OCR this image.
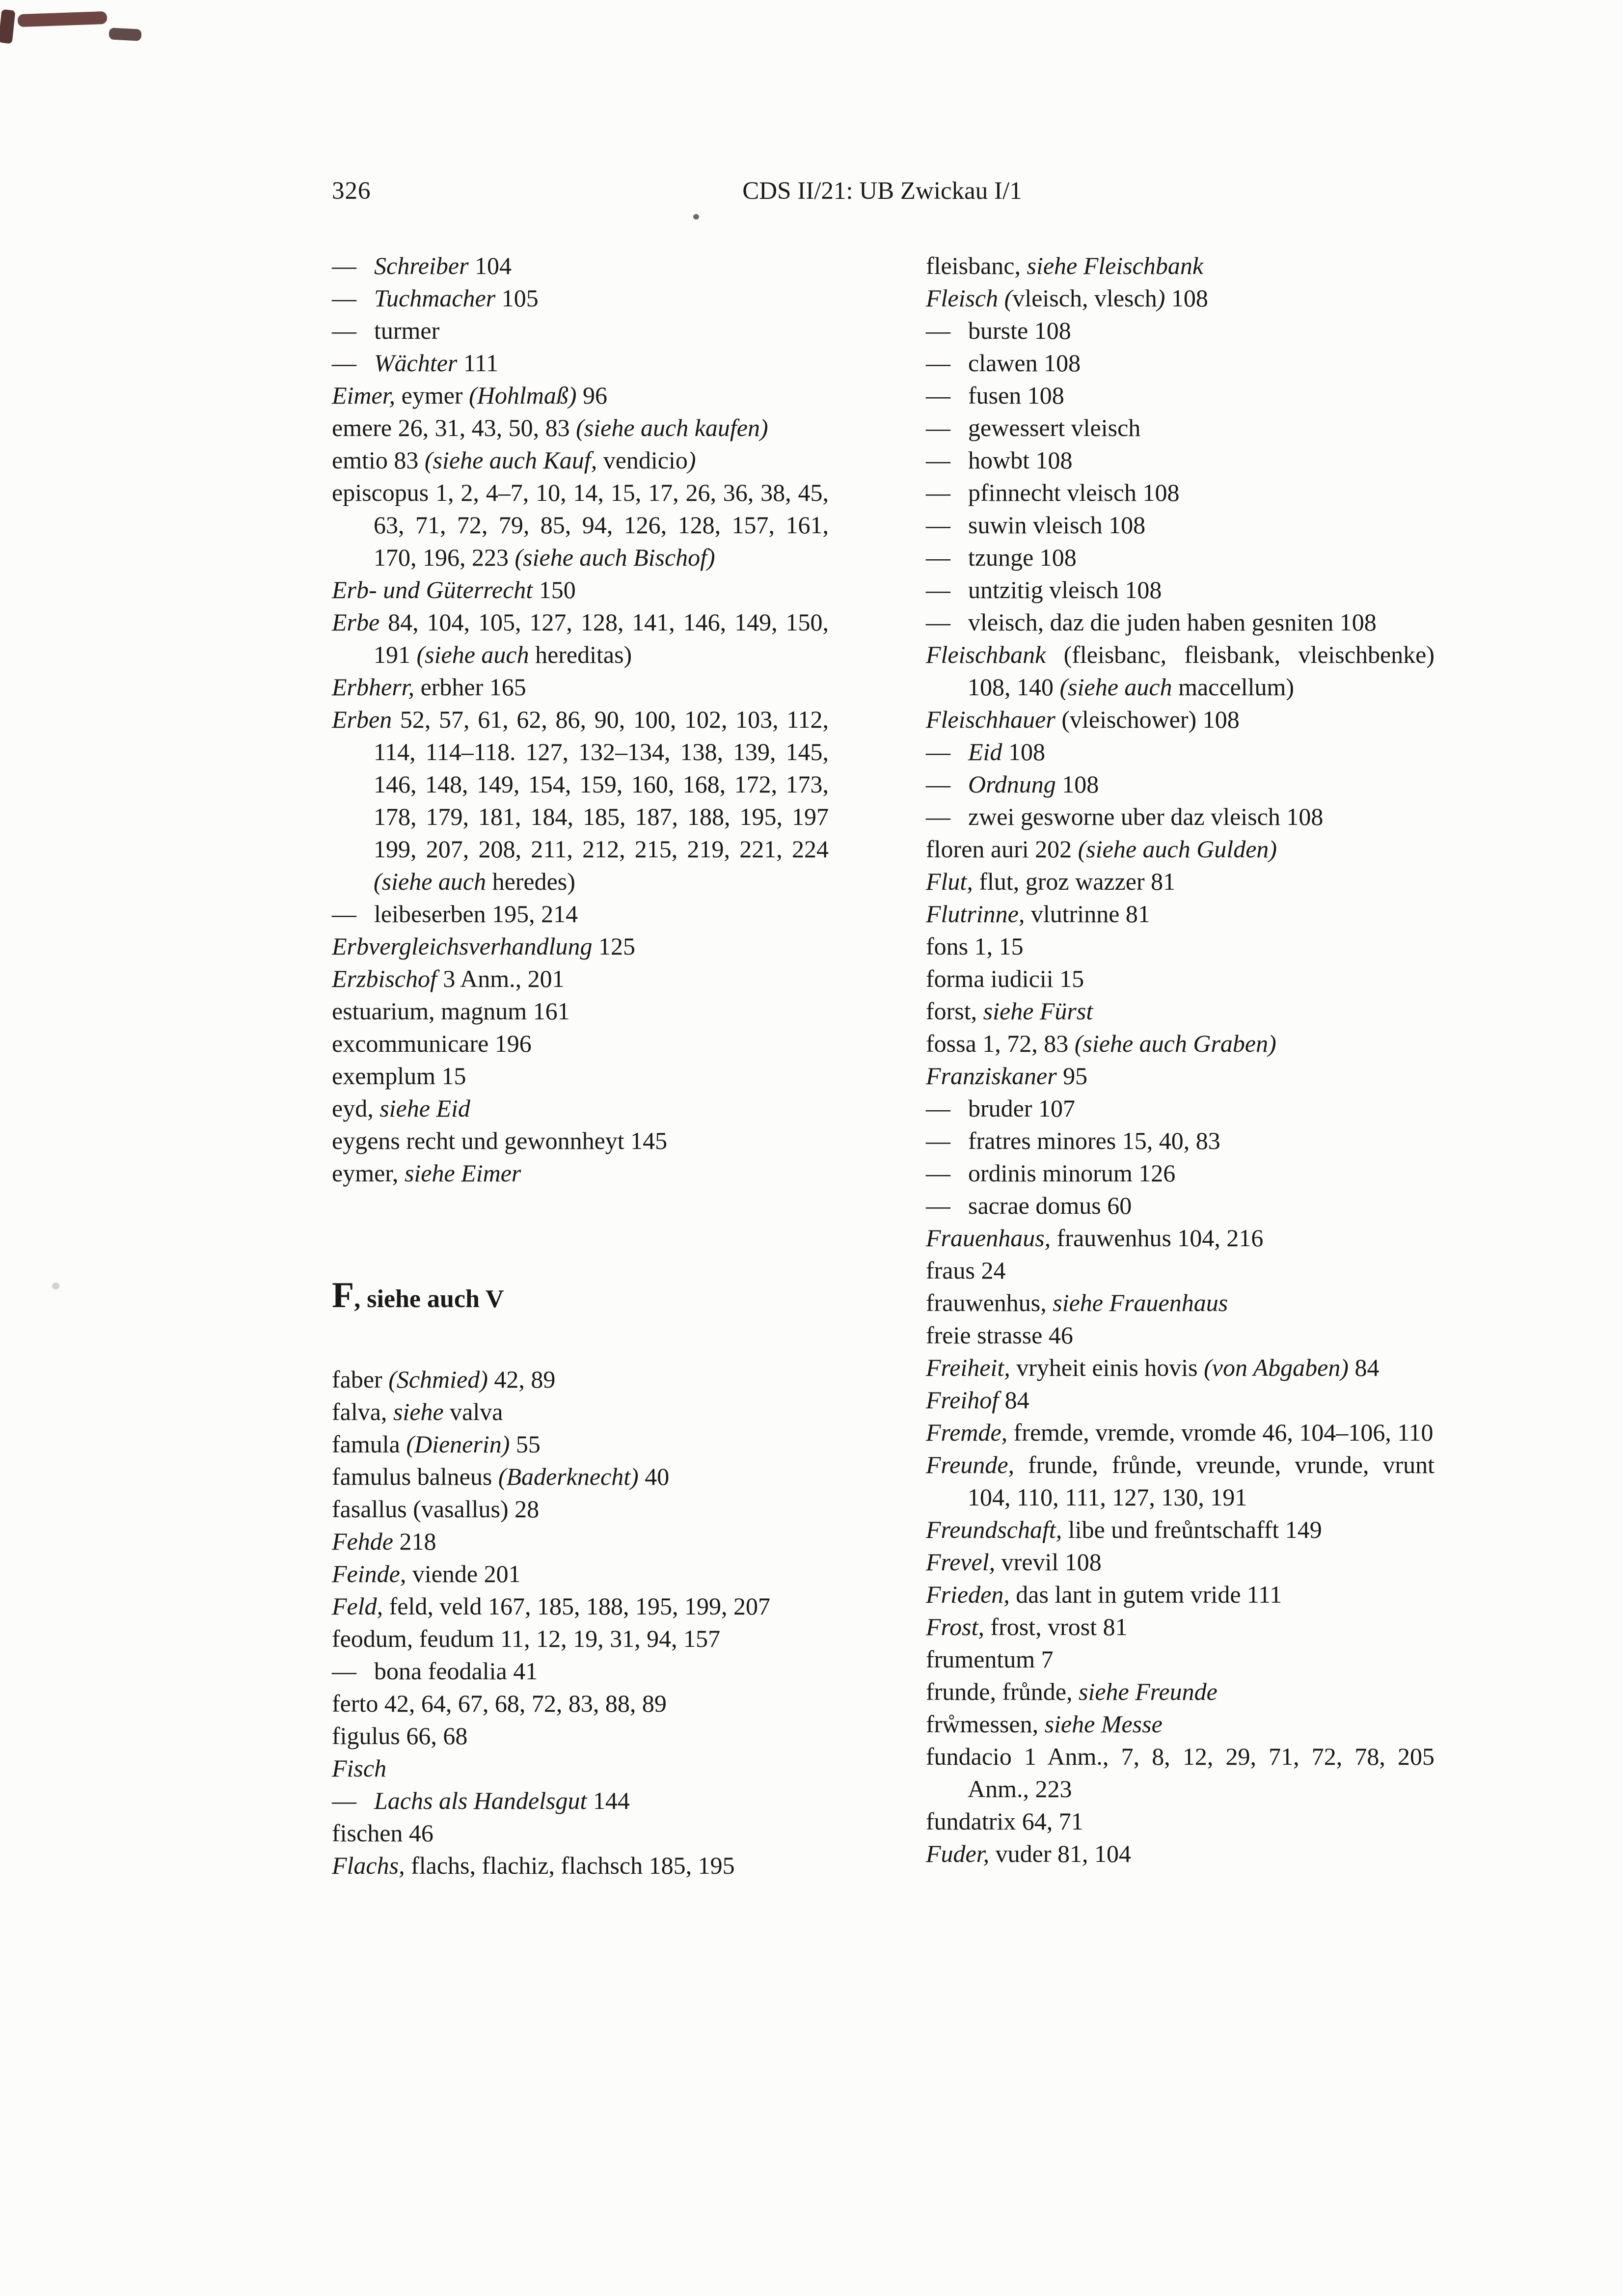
326	CDS II/21: UB Zwickau I/1
— Schreiber 104
— Tuchmacher 105
— turmer
— Wächter 111
Eimer, eymer (Hohlmaß) 96
emere 26, 31, 43, 50, 83 (siehe auch kaufen)
emtio 83 (siehe auch Kauf, vendicio)
episcopus 1, 2, 4–7, 10, 14, 15, 17, 26, 36, 38, 45, 63, 71, 72, 79, 85, 94, 126, 128, 157, 161, 170, 196, 223 (siehe auch Bischof)
Erb- und Güterrecht 150
Erbe 84, 104, 105, 127, 128, 141, 146, 149, 150, 191 (siehe auch hereditas)
Erbherr, erbher 165
Erben 52, 57, 61, 62, 86, 90, 100, 102, 103, 112, 114, 114–118. 127, 132–134, 138, 139, 145, 146, 148, 149, 154, 159, 160, 168, 172, 173, 178, 179, 181, 184, 185, 187, 188, 195, 197 199, 207, 208, 211, 212, 215, 219, 221, 224 (siehe auch heredes)
— leibeserben 195, 214
Erbvergleichsverhandlung 125
Erzbischof 3 Anm., 201
estuarium, magnum 161
excommunicare 196
exemplum 15
eyd, siehe Eid
eygens recht und gewonnheyt 145
eymer, siehe Eimer
F, siehe auch V
faber (Schmied) 42, 89
falva, siehe valva
famula (Dienerin) 55
famulus balneus (Baderknecht) 40
fasallus (vasallus) 28
Fehde 218
Feinde, viende 201
Feld, feld, veld 167, 185, 188, 195, 199, 207
feodum, feudum 11, 12, 19, 31, 94, 157
— bona feodalia 41
ferto 42, 64, 67, 68, 72, 83, 88, 89
figulus 66, 68
Fisch
— Lachs als Handelsgut 144
fischen 46
Flachs, flachs, flachiz, flachsch 185, 195
fleisbanc, siehe Fleischbank
Fleisch (vleisch, vlesch) 108
— burste 108
— clawen 108
— fusen 108
— gewessert vleisch
— howbt 108
— pfinnecht vleisch 108
— suwin vleisch 108
— tzunge 108
— untzitig vleisch 108
— vleisch, daz die juden haben gesniten 108
Fleischbank (fleisbanc, fleisbank, vleischbenke) 108, 140 (siehe auch maccellum)
Fleischhauer (vleischower) 108
— Eid 108
— Ordnung 108
— zwei gesworne uber daz vleisch 108
floren auri 202 (siehe auch Gulden)
Flut, flut, groz wazzer 81
Flutrinne, vlutrinne 81
fons 1, 15
forma iudicii 15
forst, siehe Fürst
fossa 1, 72, 83 (siehe auch Graben)
Franziskaner 95
— bruder 107
— fratres minores 15, 40, 83
— ordinis minorum 126
— sacrae domus 60
Frauenhaus, frauwenhus 104, 216
fraus 24
frauwenhus, siehe Frauenhaus
freie strasse 46
Freiheit, vryheit einis hovis (von Abgaben) 84
Freihof 84
Fremde, fremde, vremde, vromde 46, 104–106, 110
Freunde, frunde, frůnde, vreunde, vrunde, vrunt 104, 110, 111, 127, 130, 191
Freundschaft, libe und freůntschafft 149
Frevel, vrevil 108
Frieden, das lant in gutem vride 111
Frost, frost, vrost 81
frumentum 7
frunde, frůnde, siehe Freunde
frẘmessen, siehe Messe
fundacio 1 Anm., 7, 8, 12, 29, 71, 72, 78, 205 Anm., 223
fundatrix 64, 71
Fuder, vuder 81, 104
